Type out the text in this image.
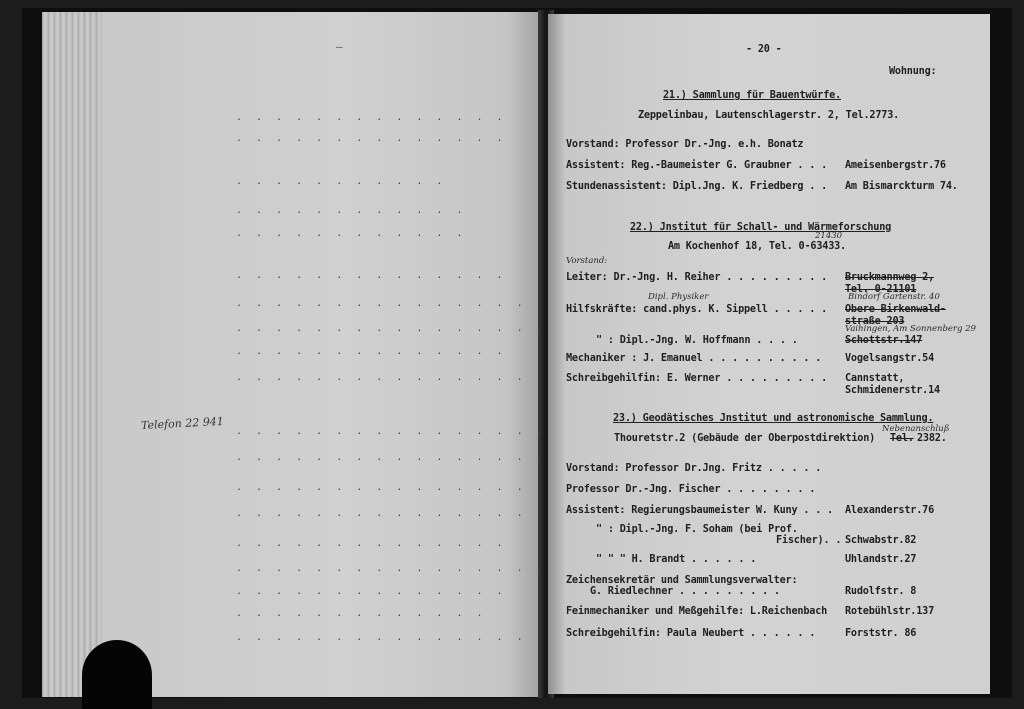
—
. . . . . . . . . . . . . .
. . . . . . . . . . . . . .
. . . . . . . . . . .
. . . . . . . . . . . .
. . . . . . . . . . . .
. . . . . . . . . . . . . .
. . . . . . . . . . . . . . .
. . . . . . . . . . . . . . . .
. . . . . . . . . . . . . .
. . . . . . . . . . . . . . .
. . . . . . . . . . . . . . . .
. . . . . . . . . . . . . . . .
. . . . . . . . . . . . . . .
. . . . . . . . . . . . . . .
. . . . . . . . . . . . . .
. . . . . . . . . . . . . . . .
. . . . . . . . . . . . . .
. . . . . . . . . . . . .
. . . . . . . . . . . . . . .
Telefon 22 941
- 20 -
Wohnung:
21.) Sammlung für Bauentwürfe.
Zeppelinbau, Lautenschlagerstr. 2, Tel.2773.
Vorstand: Professor Dr.-Jng. e.h. Bonatz
Assistent: Reg.-Baumeister G. Graubner . . . Ameisenbergstr.76
Stundenassistent: Dipl.Jng. K. Friedberg . . Am Bismarckturm 74.
22.) Jnstitut für Schall- und Wärmeforschung
21430
Am Kochenhof 18, Tel. 0-63433.
Vorstand:
Leiter: Dr.-Jng. H. Reiher . . . . . . . . . Bruckmannweg 2,
Tel. 0-21101
Dipl. Physiker	Bindorf Gartenstr. 40
Hilfskräfte: cand.phys. K. Sippell . . . . . Obere Birkenwald-
straße 203
Vaihingen, Am Sonnenberg 29
" : Dipl.-Jng. W. Hoffmann . . . .	Schottstr.147
Mechaniker : J. Emanuel . . . . . . . . . . Vogelsangstr.54
Schreibgehilfin: E. Werner . . . . . . . . . Cannstatt,
Schmidenerstr.14
23.) Geodätisches Jnstitut und astronomische Sammlung.
Nebenanschluß
Thouretstr.2 (Gebäude der Oberpostdirektion) Tel. 2382.
Vorstand: Professor Dr.Jng. Fritz . . . . .
Professor Dr.-Jng. Fischer . . . . . . . .
Assistent: Regierungsbaumeister W. Kuny . . . Alexanderstr.76
" : Dipl.-Jng. F. Soham (bei Prof.
Fischer). . Schwabstr.82
" " " H. Brandt . . . . . .	Uhlandstr.27
Zeichensekretär und Sammlungsverwalter:
G. Riedlechner . . . . . . . . .	Rudolfstr. 8
Feinmechaniker und Meßgehilfe: L.Reichenbach Rotebühlstr.137
Schreibgehilfin: Paula Neubert . . . . . .	Forststr. 86
